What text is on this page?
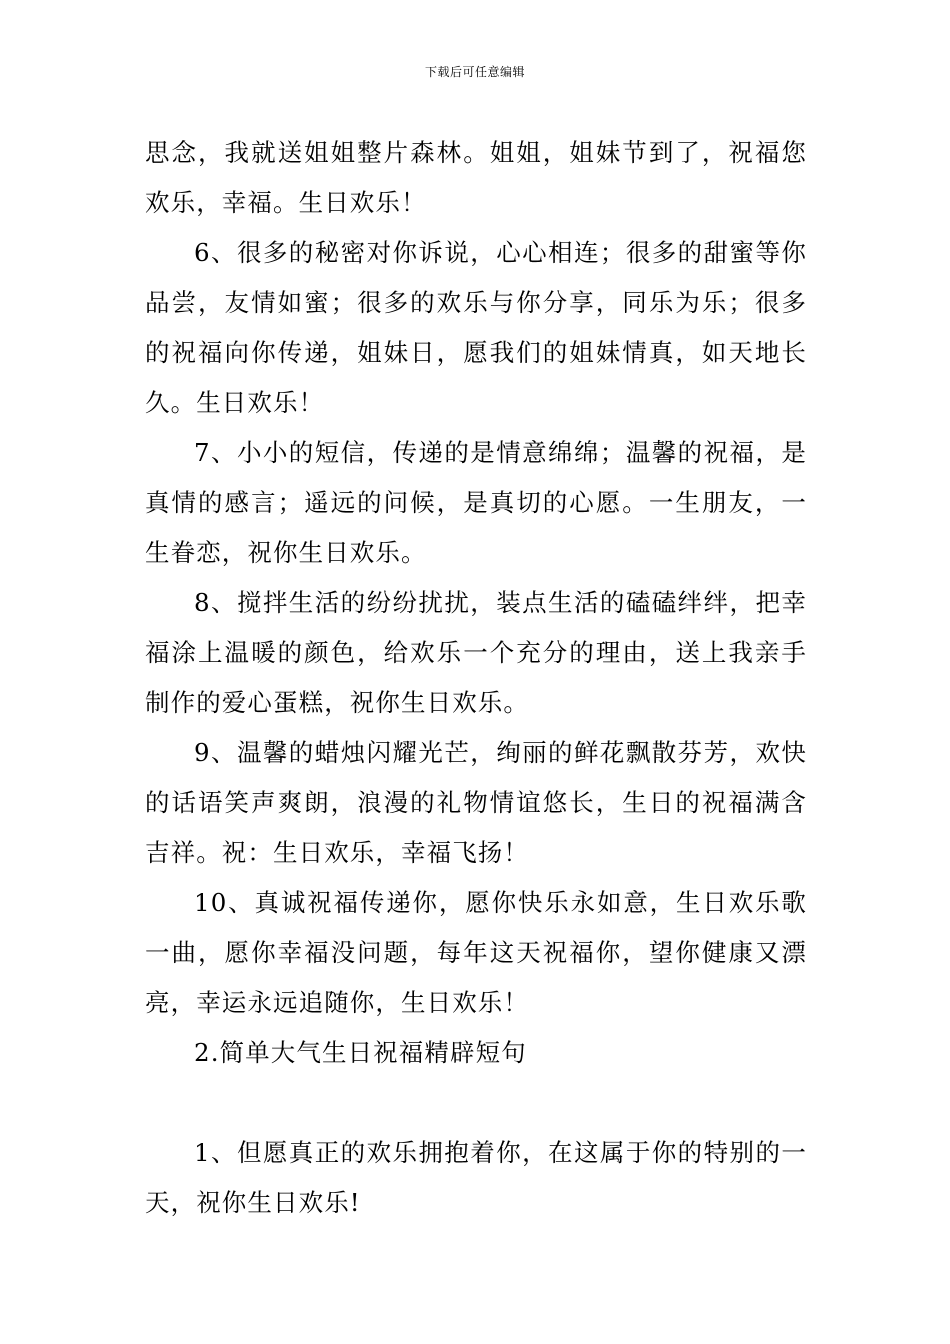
下载后可任意编辑

思念，我就送姐姐整片森林。姐姐，姐妹节到了，祝福您欢乐，幸福。生日欢乐！

6、很多的秘密对你诉说，心心相连；很多的甜蜜等你品尝，友情如蜜；很多的欢乐与你分享，同乐为乐；很多的祝福向你传递，姐妹日，愿我们的姐妹情真，如天地长久。生日欢乐！

7、小小的短信，传递的是情意绵绵；温馨的祝福，是真情的感言；遥远的问候，是真切的心愿。一生朋友，一生眷恋，祝你生日欢乐。

8、搅拌生活的纷纷扰扰，装点生活的磕磕绊绊，把幸福涂上温暖的颜色，给欢乐一个充分的理由，送上我亲手制作的爱心蛋糕，祝你生日欢乐。

9、温馨的蜡烛闪耀光芒，绚丽的鲜花飘散芬芳，欢快的话语笑声爽朗，浪漫的礼物情谊悠长，生日的祝福满含吉祥。祝：生日欢乐，幸福飞扬！

10、真诚祝福传递你，愿你快乐永如意，生日欢乐歌一曲，愿你幸福没问题，每年这天祝福你，望你健康又漂亮，幸运永远追随你，生日欢乐！

2.简单大气生日祝福精辟短句

1、但愿真正的欢乐拥抱着你，在这属于你的特别的一天，祝你生日欢乐!
